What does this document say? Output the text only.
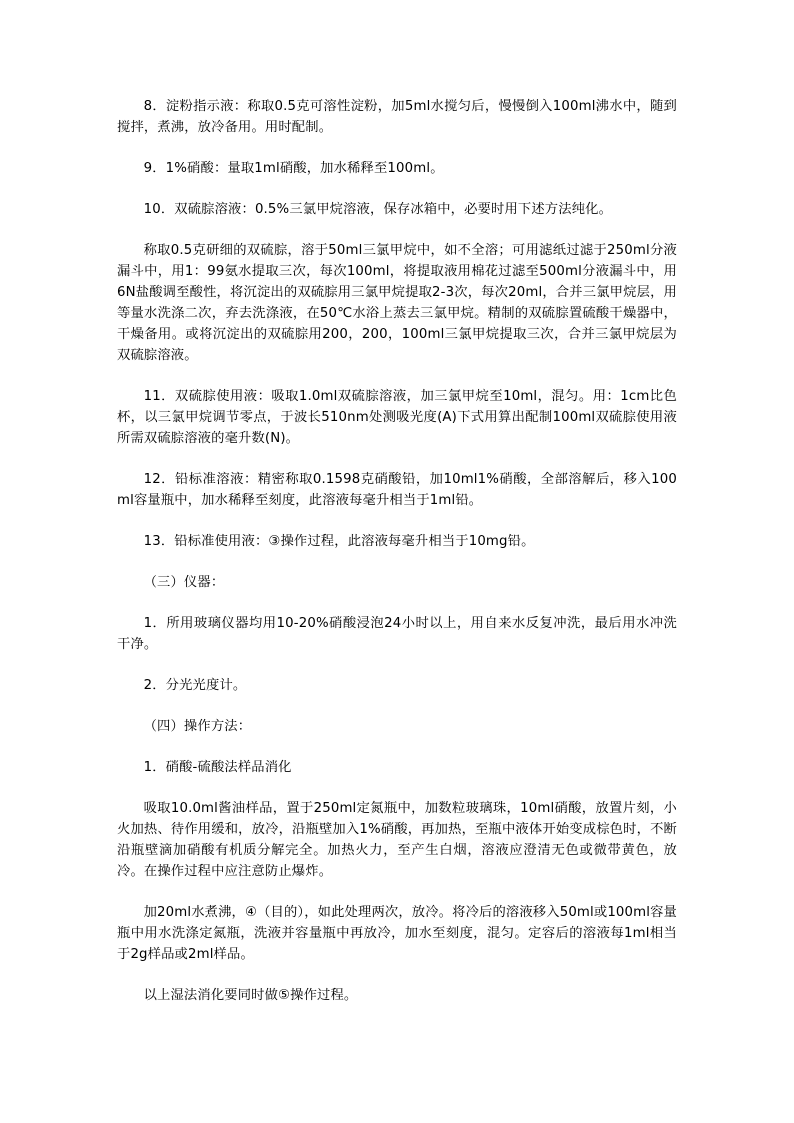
8．淀粉指示液：称取0.5克可溶性淀粉，加5ml水搅匀后，慢慢倒入100ml沸水中，随到搅拌，煮沸，放冷备用。用时配制。

9．1%硝酸：量取1ml硝酸，加水稀释至100ml。

10．双硫腙溶液：0.5%三氯甲烷溶液，保存冰箱中，必要时用下述方法纯化。

称取0.5克研细的双硫腙，溶于50ml三氯甲烷中，如不全溶；可用滤纸过滤于250ml分液漏斗中，用1：99氨水提取三次，每次100ml，将提取液用棉花过滤至500ml分液漏斗中，用6N盐酸调至酸性，将沉淀出的双硫腙用三氯甲烷提取2-3次，每次20ml，合并三氯甲烷层，用等量水洗涤二次，弃去洗涤液，在50℃水浴上蒸去三氯甲烷。精制的双硫腙置硫酸干燥器中，干燥备用。或将沉淀出的双硫腙用200，200，100ml三氯甲烷提取三次，合并三氯甲烷层为双硫腙溶液。

11．双硫腙使用液：吸取1.0ml双硫腙溶液，加三氯甲烷至10ml，混匀。用：1cm比色杯，以三氯甲烷调节零点，于波长510nm处测吸光度(A)下式用算出配制100ml双硫腙使用液所需双硫腙溶液的毫升数(N)。

12．铅标准溶液：精密称取0.1598克硝酸铅，加10ml1%硝酸，全部溶解后，移入100ml容量瓶中，加水稀释至刻度，此溶液每毫升相当于1ml铅。

13．铅标准使用液：③操作过程，此溶液每毫升相当于10mg铅。

（三）仪器：

1．所用玻璃仪器均用10-20%硝酸浸泡24小时以上，用自来水反复冲洗，最后用水冲洗干净。

2．分光光度计。

（四）操作方法：

1．硝酸-硫酸法样品消化

吸取10.0ml酱油样品，置于250ml定氮瓶中，加数粒玻璃珠，10ml硝酸，放置片刻，小火加热、待作用缓和，放冷，沿瓶壁加入1%硝酸，再加热，至瓶中液体开始变成棕色时，不断沿瓶壁滴加硝酸有机质分解完全。加热火力，至产生白烟，溶液应澄清无色或微带黄色，放冷。在操作过程中应注意防止爆炸。

加20ml水煮沸，④（目的），如此处理两次，放冷。将冷后的溶液移入50ml或100ml容量瓶中用水洗涤定氮瓶，洗液并容量瓶中再放冷，加水至刻度，混匀。定容后的溶液每1ml相当于2g样品或2ml样品。

以上湿法消化要同时做⑤操作过程。
